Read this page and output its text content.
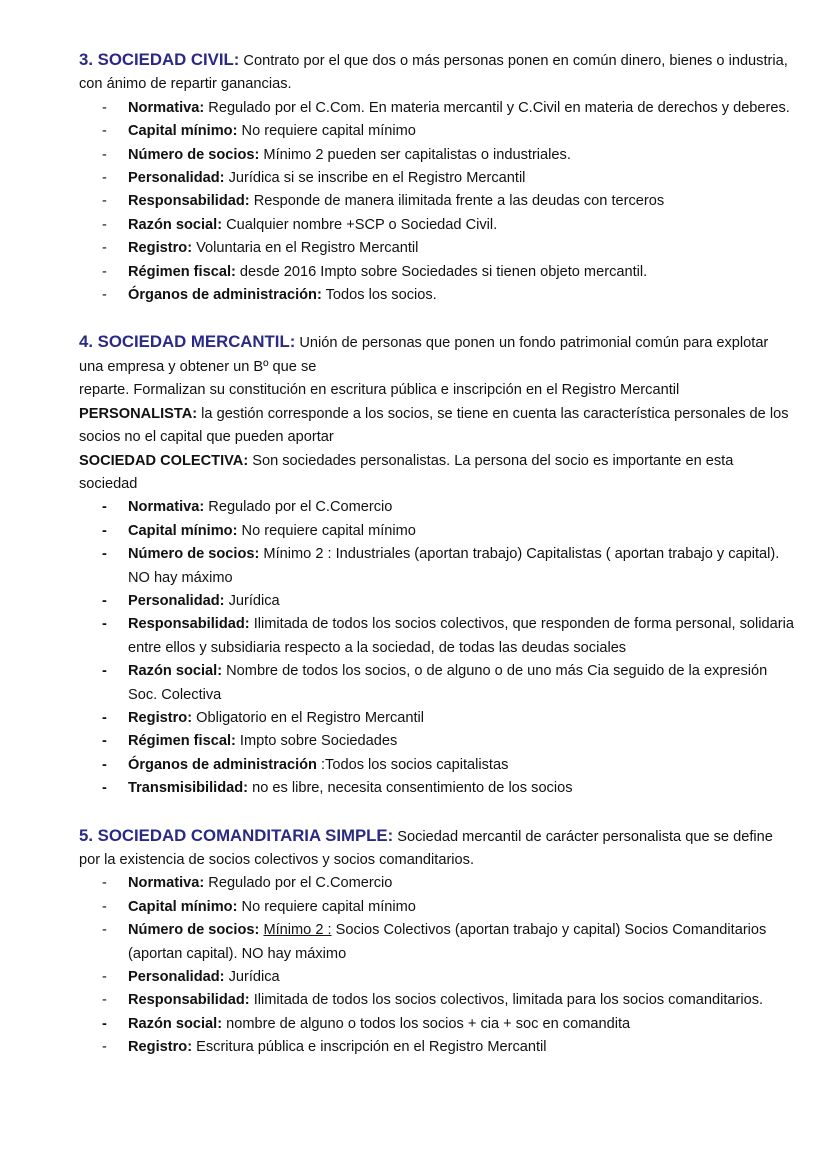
3. SOCIEDAD CIVIL: Contrato por el que dos o más personas ponen en común dinero, bienes o industria, con ánimo de repartir ganancias.

- Normativa: Regulado por el C.Com. En materia mercantil y C.Civil en materia de derechos y deberes.
- Capital mínimo: No requiere capital mínimo
- Número de socios: Mínimo 2 pueden ser capitalistas o industriales.
- Personalidad: Jurídica si se inscribe en el Registro Mercantil
- Responsabilidad: Responde de manera ilimitada frente a las deudas con terceros
- Razón social: Cualquier nombre +SCP o Sociedad Civil.
- Registro: Voluntaria en el Registro Mercantil
- Régimen fiscal: desde 2016 Impto sobre Sociedades si tienen objeto mercantil.
- Órganos de administración: Todos los socios.

4. SOCIEDAD MERCANTIL: Unión de personas que ponen un fondo patrimonial común para explotar una empresa y obtener un Bº que se

reparte. Formalizan su constitución en escritura pública e inscripción en el Registro Mercantil

PERSONALISTA: la gestión corresponde a los socios, se tiene en cuenta las característica personales de los socios no el capital que pueden aportar

SOCIEDAD COLECTIVA: Son sociedades personalistas. La persona del socio es importante en esta sociedad

- Normativa: Regulado por el C.Comercio
- Capital mínimo: No requiere capital mínimo
- Número de socios: Mínimo 2 : Industriales (aportan trabajo) Capitalistas ( aportan trabajo y capital). NO hay máximo
- Personalidad: Jurídica
- Responsabilidad: Ilimitada de todos los socios colectivos, que responden de forma personal, solidaria entre ellos y subsidiaria respecto a la sociedad, de todas las deudas sociales
- Razón social: Nombre de todos los socios, o de alguno o de uno más Cia seguido de la expresión Soc. Colectiva
- Registro: Obligatorio en el Registro Mercantil
- Régimen fiscal: Impto sobre Sociedades
- Órganos de administración :Todos los socios capitalistas
- Transmisibilidad: no es libre, necesita consentimiento de los socios

5. SOCIEDAD COMANDITARIA SIMPLE: Sociedad mercantil de carácter personalista que se define por la existencia de socios colectivos y socios comanditarios.

- Normativa: Regulado por el C.Comercio
- Capital mínimo: No requiere capital mínimo
- Número de socios: Mínimo 2 : Socios Colectivos (aportan trabajo y capital) Socios Comanditarios (aportan capital). NO hay máximo
- Personalidad: Jurídica
- Responsabilidad: Ilimitada de todos los socios colectivos, limitada para los socios comanditarios.
- Razón social: nombre de alguno o todos los socios + cia + soc en comandita
- Registro: Escritura pública e inscripción en el Registro Mercantil
